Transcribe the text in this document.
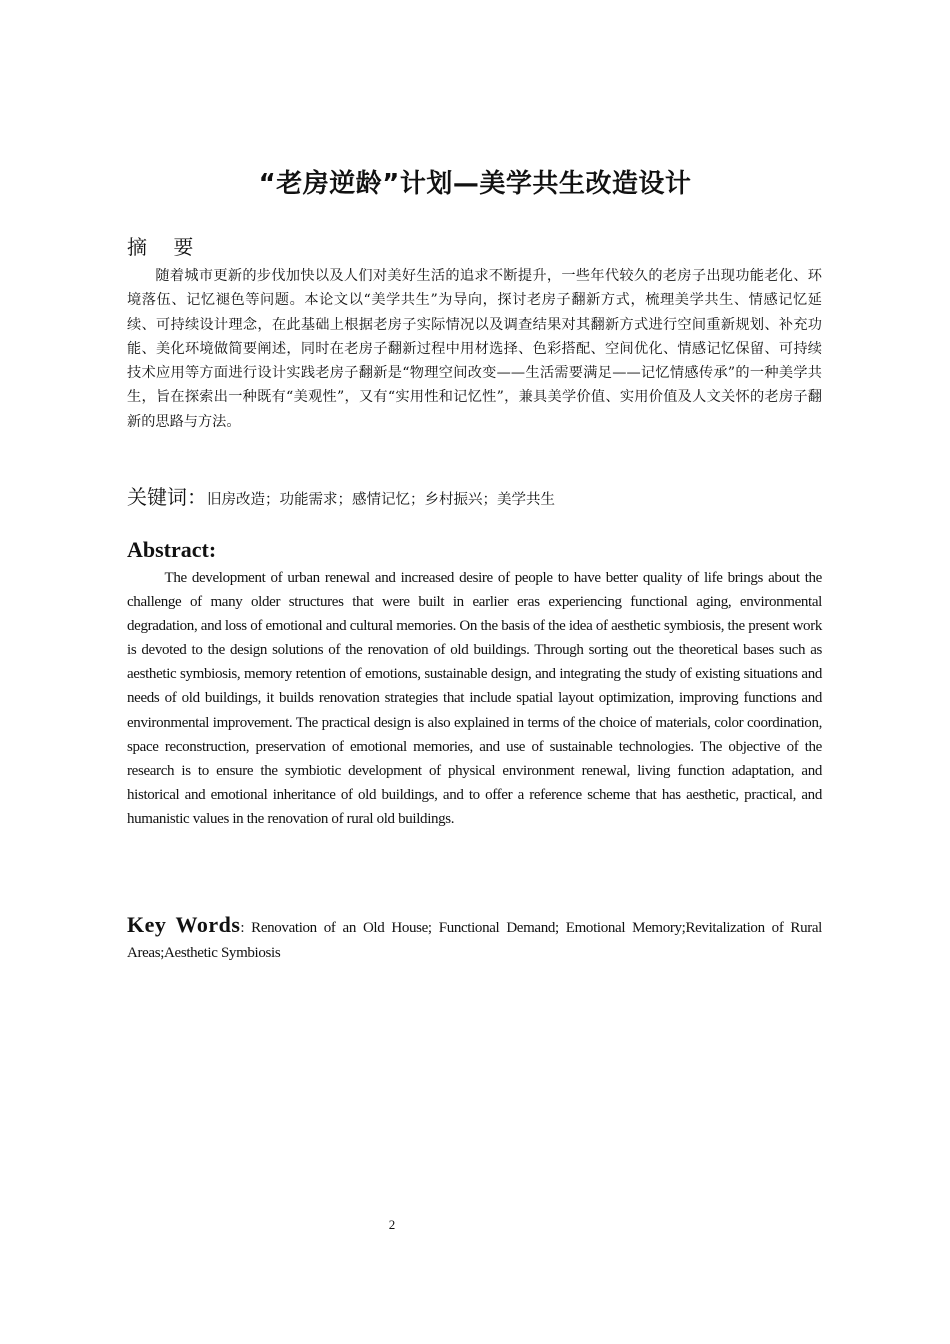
“老房逆龄”计划—美学共生改造设计
摘 要

随着城市更新的步伐加快以及人们对美好生活的追求不断提升，一些年代较久的老房子出现功能老化、环境落伍、记忆褪色等问题。本论文以“美学共生”为导向，探讨老房子翻新方式，梳理美学共生、情感记忆延续、可持续设计理念，在此基础上根据老房子实际情况以及调查结果对其翻新方式进行空间重新规划、补充功能、美化环境做简要阐述，同时在老房子翻新过程中用材选择、色彩搭配、空间优化、情感记忆保留、可持续技术应用等方面进行设计实践老房子翻新是“物理空间改变——生活需要满足——记忆情感传承”的一种美学共生，旨在探索出一种既有“美观性”，又有“实用性和记忆性”，兼具美学价值、实用价值及人文关怀的老房子翻新的思路与方法。

关键词：旧房改造；功能需求；感情记忆；乡村振兴；美学共生

Abstract:

The development of urban renewal and increased desire of people to have better quality of life brings about the challenge of many older structures that were built in earlier eras experiencing functional aging, environmental degradation, and loss of emotional and cultural memories. On the basis of the idea of aesthetic symbiosis, the present work is devoted to the design solutions of the renovation of old buildings. Through sorting out the theoretical bases such as aesthetic symbiosis, memory retention of emotions, sustainable design, and integrating the study of existing situations and needs of old buildings, it builds renovation strategies that include spatial layout optimization, improving functions and environmental improvement. The practical design is also explained in terms of the choice of materials, color coordination, space reconstruction, preservation of emotional memories, and use of sustainable technologies. The objective of the research is to ensure the symbiotic development of physical environment renewal, living function adaptation, and historical and emotional inheritance of old buildings, and to offer a reference scheme that has aesthetic, practical, and humanistic values in the renovation of rural old buildings.

Key Words: Renovation of an Old House; Functional Demand; Emotional Memory;Revitalization of Rural Areas;Aesthetic Symbiosis

2
